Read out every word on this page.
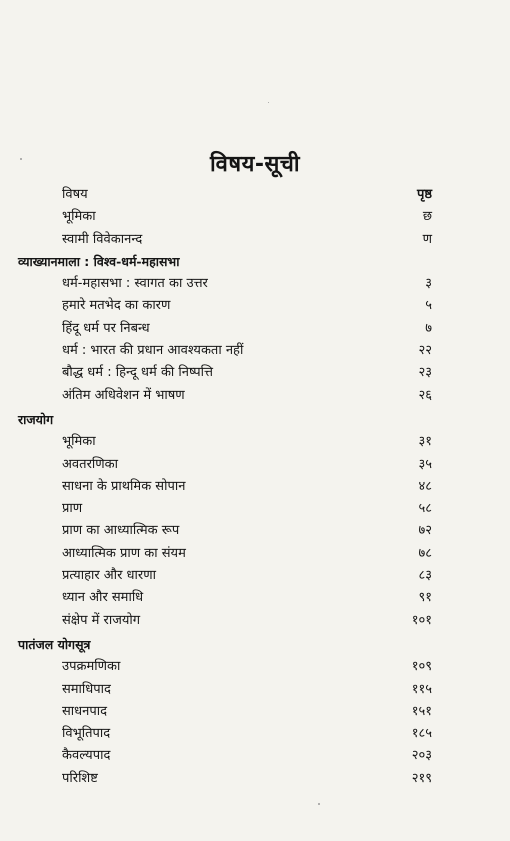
विषय-सूची
विषय	पृष्ठ
भूमिका	छ
स्वामी विवेकानन्द	ण
व्याख्यानमाला : विश्व-धर्म-महासभा
धर्म-महासभा : स्वागत का उत्तर	३
हमारे मतभेद का कारण	५
हिंदू धर्म पर निबन्ध	७
धर्म : भारत की प्रधान आवश्यकता नहीं	२२
बौद्ध धर्म : हिन्दू धर्म की निष्पत्ति	२३
अंतिम अधिवेशन में भाषण	२६
राजयोग
भूमिका	३१
अवतरणिका	३५
साधना के प्राथमिक सोपान	४८
प्राण	५८
प्राण का आध्यात्मिक रूप	७२
आध्यात्मिक प्राण का संयम	७८
प्रत्याहार और धारणा	८३
ध्यान और समाधि	९१
संक्षेप में राजयोग	१०१
पातंजल योगसूत्र
उपक्रमणिका	१०९
समाधिपाद	११५
साधनपाद	१५१
विभूतिपाद	१८५
कैवल्यपाद	२०३
परिशिष्ट	२१९
